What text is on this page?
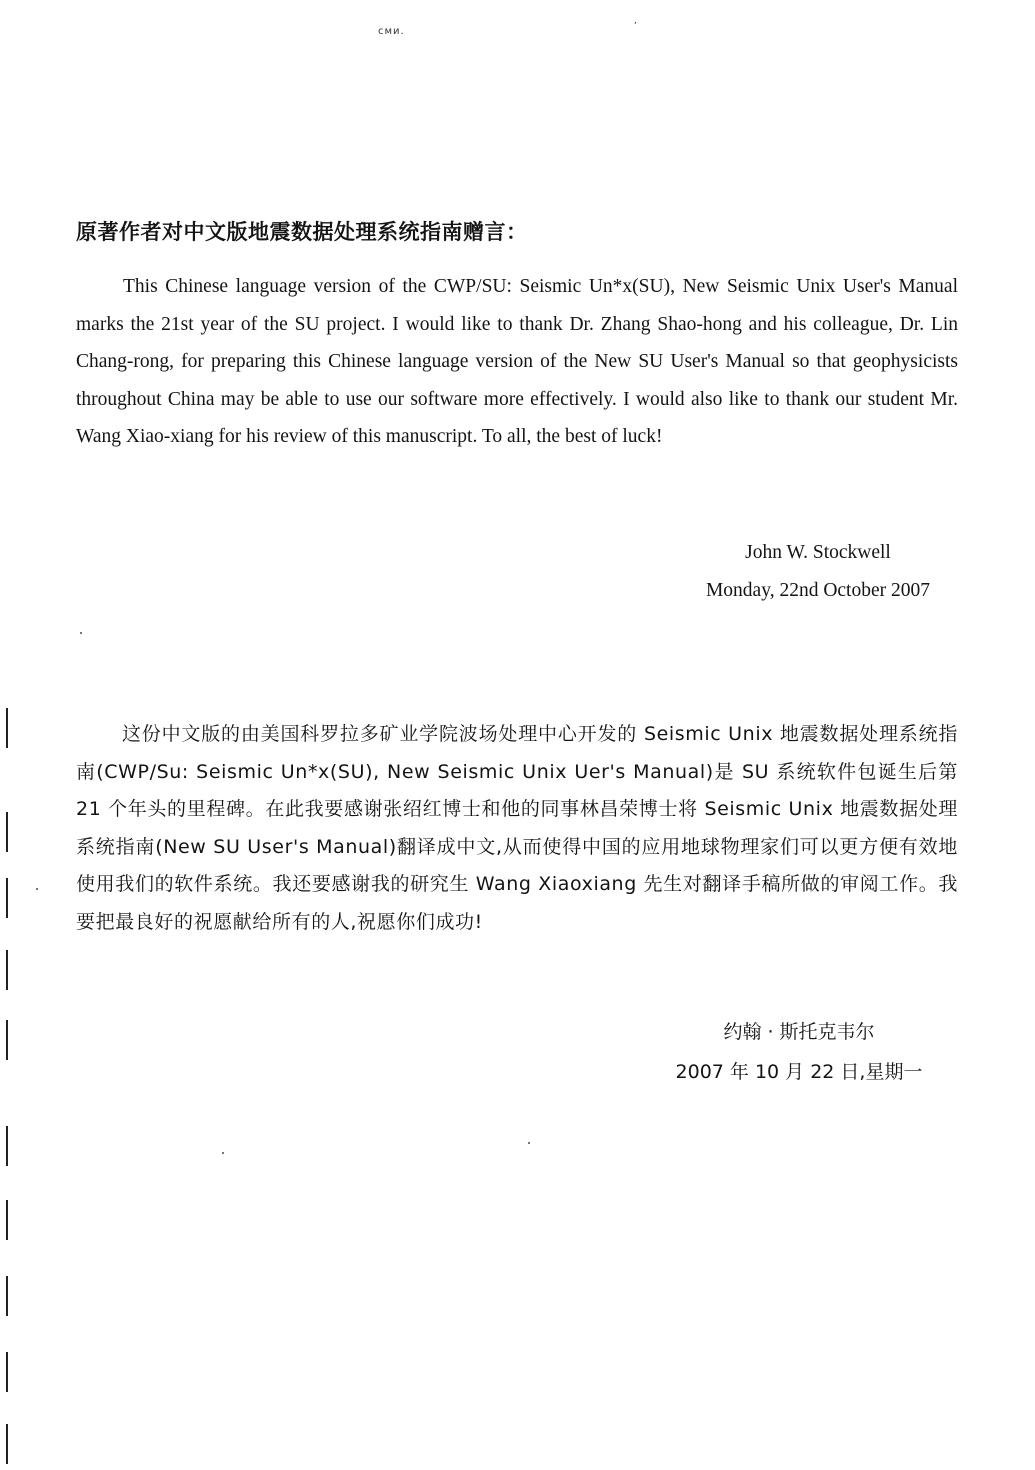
ᴄᴍᴎ.
,
原著作者对中文版地震数据处理系统指南赠言：

This Chinese language version of the CWP/SU: Seismic Un*x(SU), New Seismic Unix User's Manual marks the 21st year of the SU project. I would like to thank Dr. Zhang Shao-hong and his colleague, Dr. Lin Chang-rong, for preparing this Chinese language version of the New SU User's Manual so that geophysicists throughout China may be able to use our software more effectively. I would also like to thank our student Mr. Wang Xiao-xiang for his review of this manuscript. To all, the best of luck!

John W. Stockwell
Monday, 22nd October 2007

这份中文版的由美国科罗拉多矿业学院波场处理中心开发的 Seismic Unix 地震数据处理系统指南(CWP/Su: Seismic Un*x(SU), New Seismic Unix Uer's Manual)是 SU 系统软件包诞生后第 21 个年头的里程碑。在此我要感谢张绍红博士和他的同事林昌荣博士将 Seismic Unix 地震数据处理系统指南(New SU User's Manual)翻译成中文,从而使得中国的应用地球物理家们可以更方便有效地使用我们的软件系统。我还要感谢我的研究生 Wang Xiaoxiang 先生对翻译手稿所做的审阅工作。我要把最良好的祝愿献给所有的人,祝愿你们成功!

约翰 · 斯托克韦尔
2007 年 10 月 22 日,星期一
